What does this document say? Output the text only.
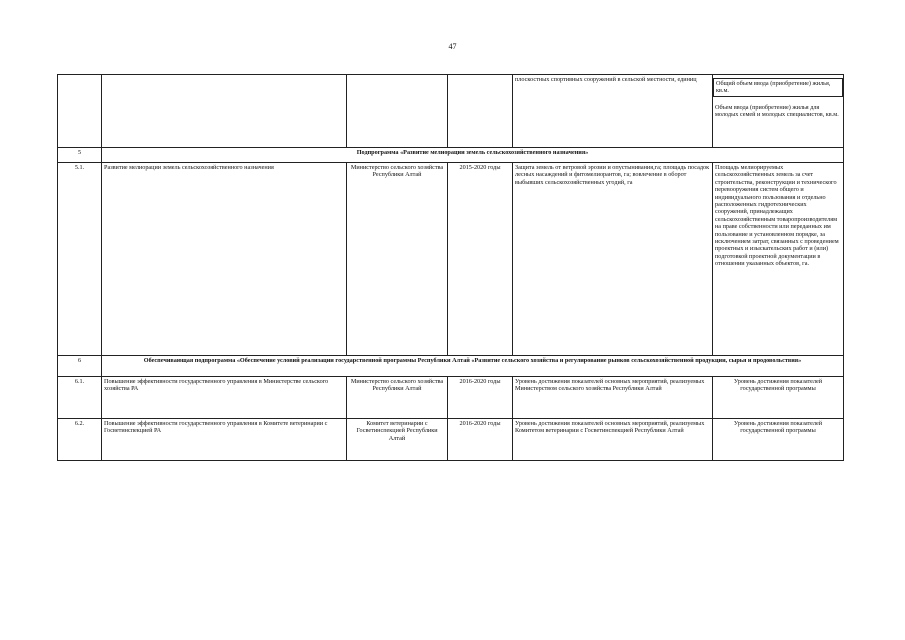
47
				плоскостных спортивных сооружений в сельской местности, единиц	Общий объем ввода (приобретение) жилья, кв.м.
Объем ввода (приобретение) жилья для молодых семей и молодых специалистов, кв.м.

5	Подпрограмма «Развитие мелиорации земель сельскохозяйственного назначения»				
5.1.	Развитие мелиорации земель сельскохозяйственного назначения	Министерство сельского хозяйства Республики Алтай	2015-2020 годы	Защита земель от ветровой эрозии и опустынивания,га; площадь посадок лесных насаждений и фитомелиорантов, га; вовлечение в оборот выбывших сельскохозяйственных угодий, га	Площадь мелиорируемых сельскохозяйственных земель за счет строительства, реконструкции и технического перевооружения систем общего и индивидуального пользования и отдельно расположенных гидротехнических сооружений, принадлежащих сельскохозяйственным товаропроизводителям на праве собственности или переданных им пользование и установленном порядке, за исключением затрат, связанных с проведением проектных и изыскательских работ и (или) подготовкой проектной документации в отношении указанных объектов, га.
6	Обеспечивающая подпрограмма «Обеспечение условий реализации государственной программы Республики Алтай «Развитие сельского хозяйства и регулирование рынков сельскохозяйственной продукции, сырья и продовольствия»				
6.1.	Повышение эффективности государственного управления в Министерстве сельского хозяйства РА	Министерство сельского хозяйства Республики Алтай	2016-2020 годы	Уровень достижения показателей основных мероприятий, реализуемых Министерством сельского хозяйства Республики Алтай	Уровень достижения показателей государственной программы
6.2.	Повышение эффективности государственного управления в Комитете ветеринарии с Госветинспекцией РА	Комитет ветеринарии с Госветинспекцией Республики Алтай	2016-2020 годы	Уровень достижения показателей основных мероприятий, реализуемых Комитетом ветеринарии с Госветинспекцией Республики Алтай	Уровень достижения показателей государственной программы
